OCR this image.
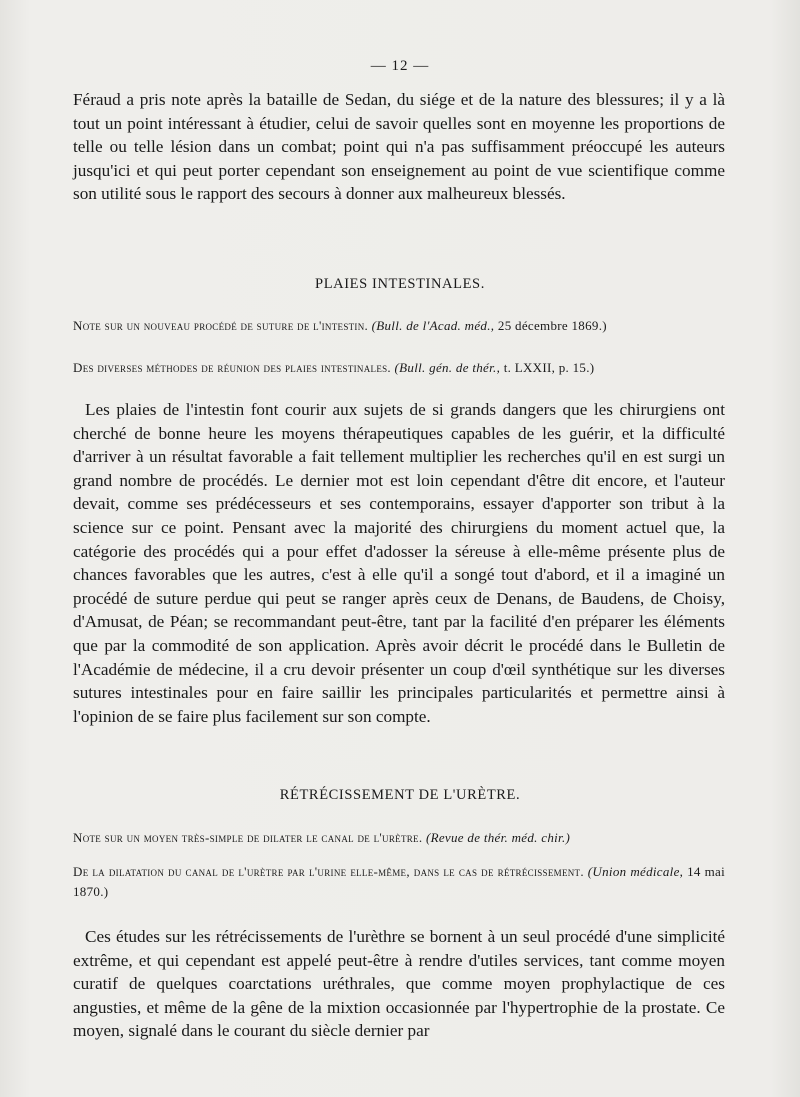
— 12 —

Féraud a pris note après la bataille de Sedan, du siége et de la nature des blessures; il y a là tout un point intéressant à étudier, celui de savoir quelles sont en moyenne les proportions de telle ou telle lésion dans un combat; point qui n'a pas suffisamment préoccupé les auteurs jusqu'ici et qui peut porter cependant son enseignement au point de vue scientifique comme son utilité sous le rapport des secours à donner aux malheureux blessés.

PLAIES INTESTINALES.

Note sur un nouveau procédé de suture de l'intestin. (Bull. de l'Acad. méd., 25 décembre 1869.)

Des diverses méthodes de réunion des plaies intestinales. (Bull. gén. de thér., t. LXXII, p. 15.)

Les plaies de l'intestin font courir aux sujets de si grands dangers que les chirurgiens ont cherché de bonne heure les moyens thérapeutiques capables de les guérir, et la difficulté d'arriver à un résultat favorable a fait tellement multiplier les recherches qu'il en est surgi un grand nombre de procédés. Le dernier mot est loin cependant d'être dit encore, et l'auteur devait, comme ses prédécesseurs et ses contemporains, essayer d'apporter son tribut à la science sur ce point. Pensant avec la majorité des chirurgiens du moment actuel que, la catégorie des procédés qui a pour effet d'adosser la séreuse à elle-même présente plus de chances favorables que les autres, c'est à elle qu'il a songé tout d'abord, et il a imaginé un procédé de suture perdue qui peut se ranger après ceux de Denans, de Baudens, de Choisy, d'Amusat, de Péan; se recommandant peut-être, tant par la facilité d'en préparer les éléments que par la commodité de son application. Après avoir décrit le procédé dans le Bulletin de l'Académie de médecine, il a cru devoir présenter un coup d'œil synthétique sur les diverses sutures intestinales pour en faire saillir les principales particularités et permettre ainsi à l'opinion de se faire plus facilement sur son compte.

RÉTRÉCISSEMENT DE L'URÈTRE.

Note sur un moyen très-simple de dilater le canal de l'urètre. (Revue de thér. méd. chir.)

De la dilatation du canal de l'urètre par l'urine elle-même, dans le cas de rétrécissement. (Union médicale, 14 mai 1870.)

Ces études sur les rétrécissements de l'urèthre se bornent à un seul procédé d'une simplicité extrême, et qui cependant est appelé peut-être à rendre d'utiles services, tant comme moyen curatif de quelques coarctations uréthrales, que comme moyen prophylactique de ces angusties, et même de la gêne de la mixtion occasionnée par l'hypertrophie de la prostate. Ce moyen, signalé dans le courant du siècle dernier par
